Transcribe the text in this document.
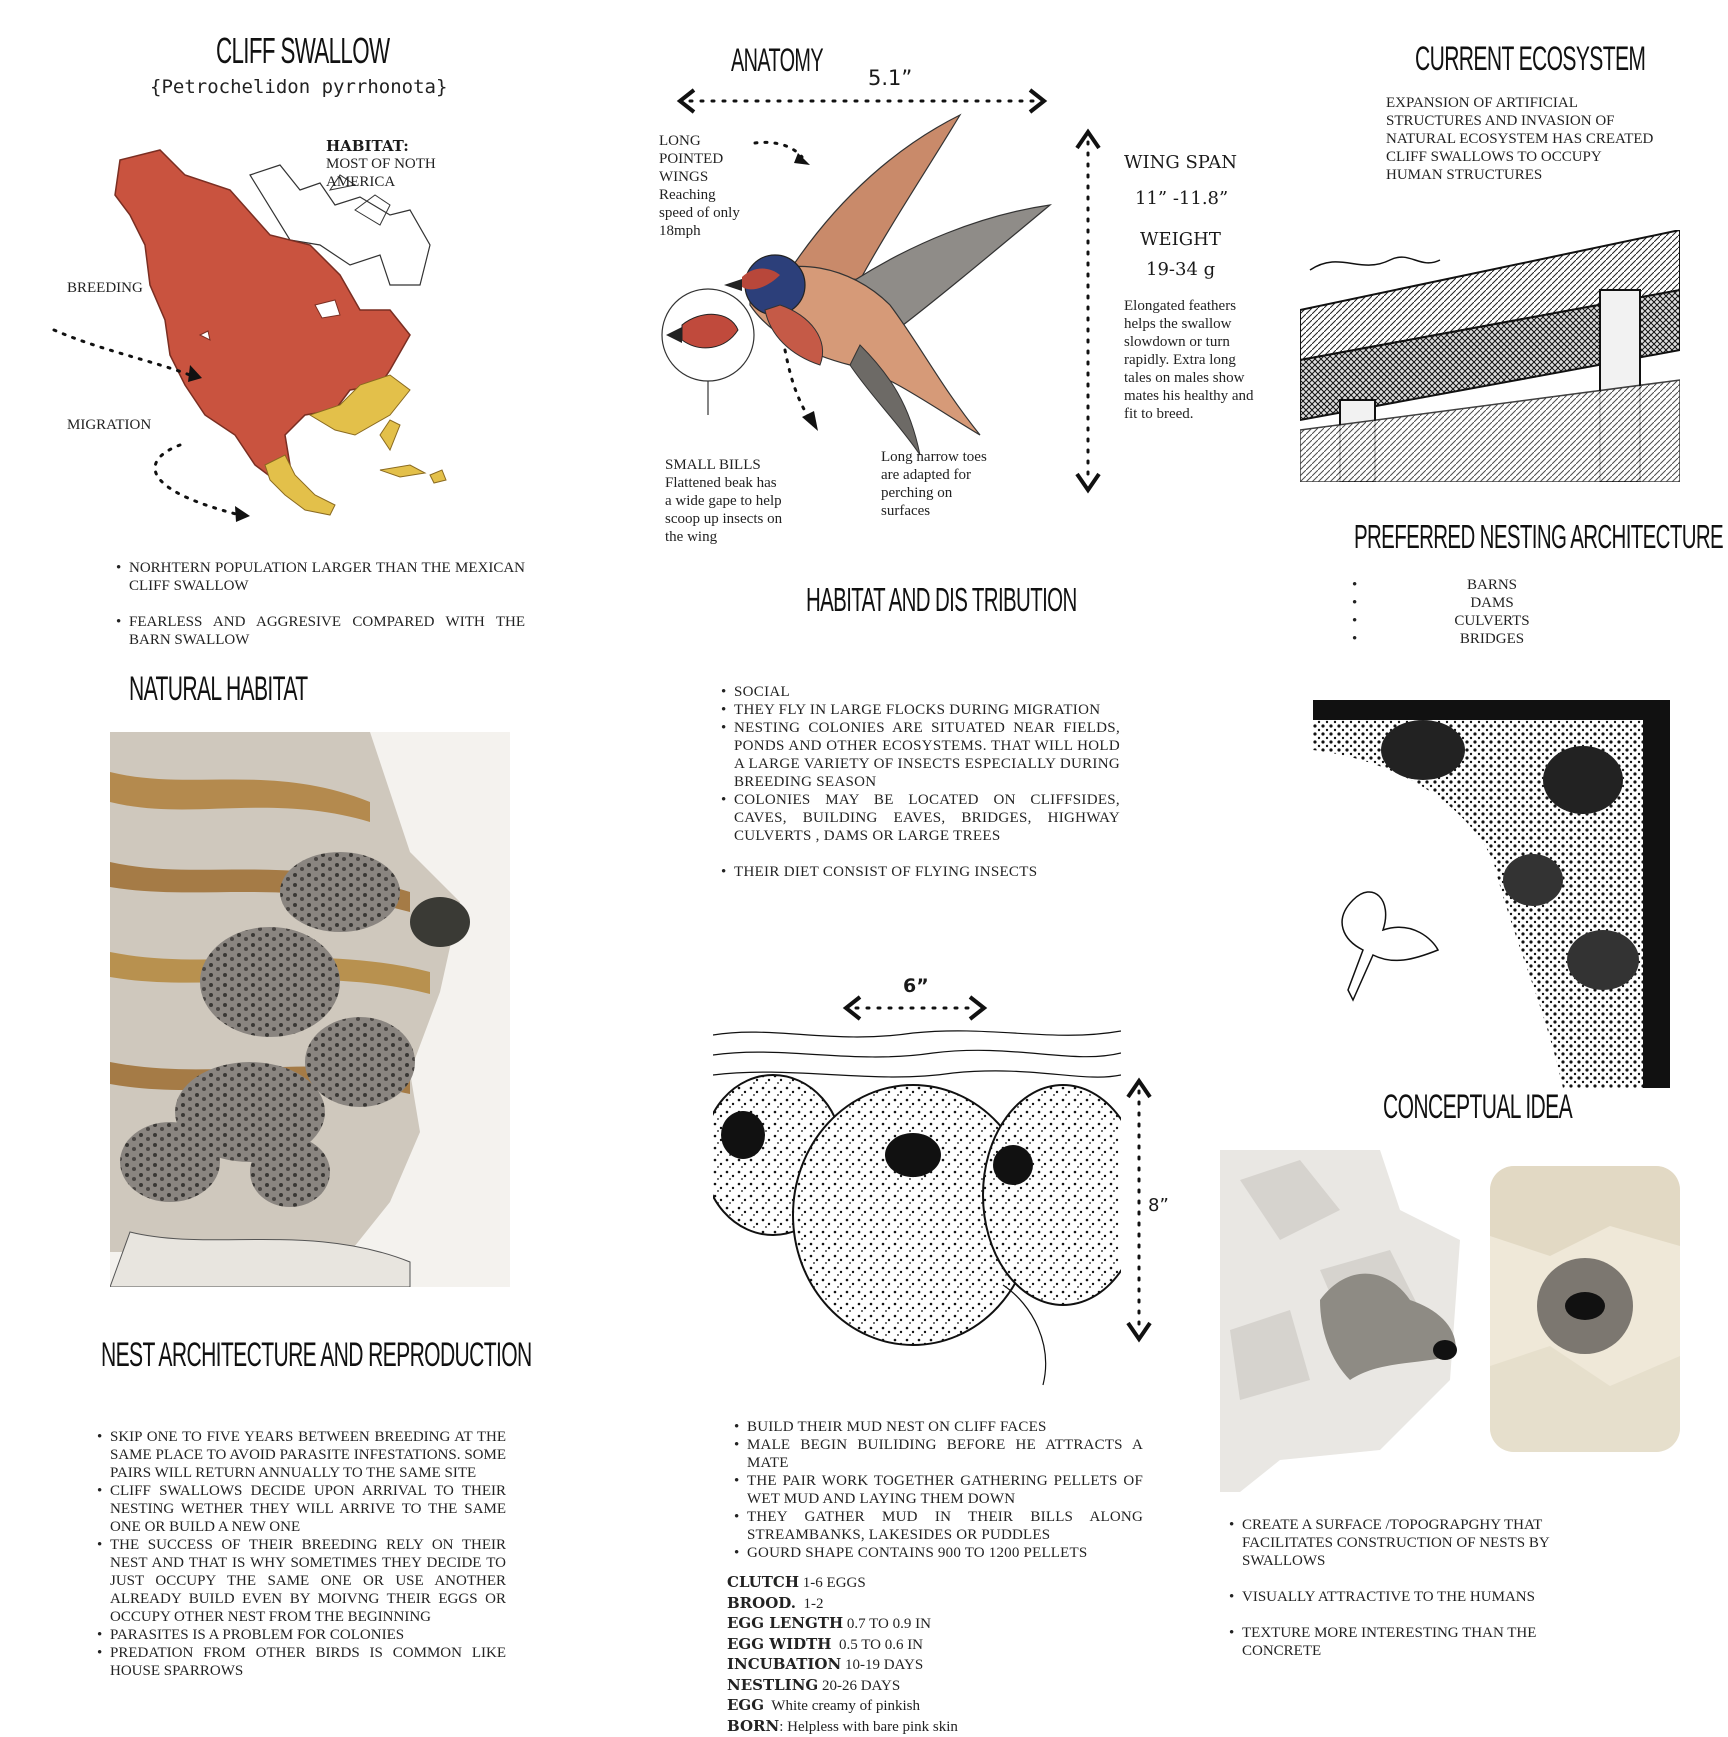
CLIFF SWALLOW
{Petrochelidon pyrrhonota}
HABITAT:
MOST OF NOTH AMERICA
BREEDING
MIGRATION
• NORHTERN POPULATION LARGER THAN THE MEXICAN CLIFF SWALLOW
• FEARLESS AND AGGRESIVE COMPARED WITH THE BARN SWALLOW
NATURAL HABITAT
NEST ARCHITECTURE AND REPRODUCTION
• SKIP ONE TO FIVE YEARS BETWEEN BREEDING AT THE SAME PLACE TO AVOID PARASITE INFESTATIONS. SOME PAIRS WILL RETURN ANNUALLY TO THE SAME SITE
• CLIFF SWALLOWS DECIDE UPON ARRIVAL TO THEIR NESTING WETHER THEY WILL ARRIVE TO THE SAME ONE OR BUILD A NEW ONE
• THE SUCCESS OF THEIR BREEDING RELY ON THEIR NEST AND THAT IS WHY SOMETIMES THEY DECIDE TO JUST OCCUPY THE SAME ONE OR USE ANOTHER ALREADY BUILD EVEN BY MOIVNG THEIR EGGS OR OCCUPY OTHER NEST FROM THE BEGINNING
• PARASITES IS A PROBLEM FOR COLONIES
• PREDATION FROM OTHER BIRDS IS COMMON LIKE HOUSE SPARROWS
ANATOMY 5.1”
LONG POINTED WINGS Reaching speed of only 18mph
SMALL BILLS Flattened beak has a wide gape to help scoop up insects on the wing
Long narrow toes are adapted for perching on surfaces
WING SPAN
11” -11.8”
WEIGHT
19-34 g
Elongated feathers helps the swallow slowdown or turn rapidly. Extra long tales on males show mates his healthy and fit to breed.
HABITAT AND DIS TRIBUTION
• SOCIAL
• THEY FLY IN LARGE FLOCKS DURING MIGRATION
• NESTING COLONIES ARE SITUATED NEAR FIELDS, PONDS AND OTHER ECOSYSTEMS. THAT WILL HOLD A LARGE VARIETY OF INSECTS ESPECIALLY DURING BREEDING SEASON
• COLONIES MAY BE LOCATED ON CLIFFSIDES, CAVES, BUILDING EAVES, BRIDGES, HIGHWAY CULVERTS , DAMS OR LARGE TREES
• THEIR DIET CONSIST OF FLYING INSECTS
6”
8”
• BUILD THEIR MUD NEST ON CLIFF FACES
• MALE BEGIN BUILIDING BEFORE HE ATTRACTS A MATE
• THE PAIR WORK TOGETHER GATHERING PELLETS OF WET MUD AND LAYING THEM DOWN
• THEY GATHER MUD IN THEIR BILLS ALONG STREAMBANKS, LAKESIDES OR PUDDLES
• GOURD SHAPE CONTAINS 900 TO 1200 PELLETS
CLUTCH 1-6 EGGS
BROOD.  1-2
EGG LENGTH 0.7 TO 0.9 IN
EGG WIDTH  0.5 TO 0.6 IN
INCUBATION 10-19 DAYS
NESTLING 20-26 DAYS
EGG  White creamy of pinkish
BORN: Helpless with bare pink skin
CURRENT ECOSYSTEM
EXPANSION OF ARTIFICIAL STRUCTURES AND INVASION OF NATURAL ECOSYSTEM HAS CREATED CLIFF SWALLOWS TO OCCUPY HUMAN STRUCTURES
PREFERRED NESTING ARCHITECTURE
•	BARNS
•	DAMS
•	CULVERTS
•	BRIDGES
CONCEPTUAL IDEA
• CREATE A SURFACE /TOPOGRAPGHY THAT FACILITATES CONSTRUCTION OF NESTS BY SWALLOWS
• VISUALLY ATTRACTIVE TO THE HUMANS
• TEXTURE MORE INTERESTING THAN THE CONCRETE
